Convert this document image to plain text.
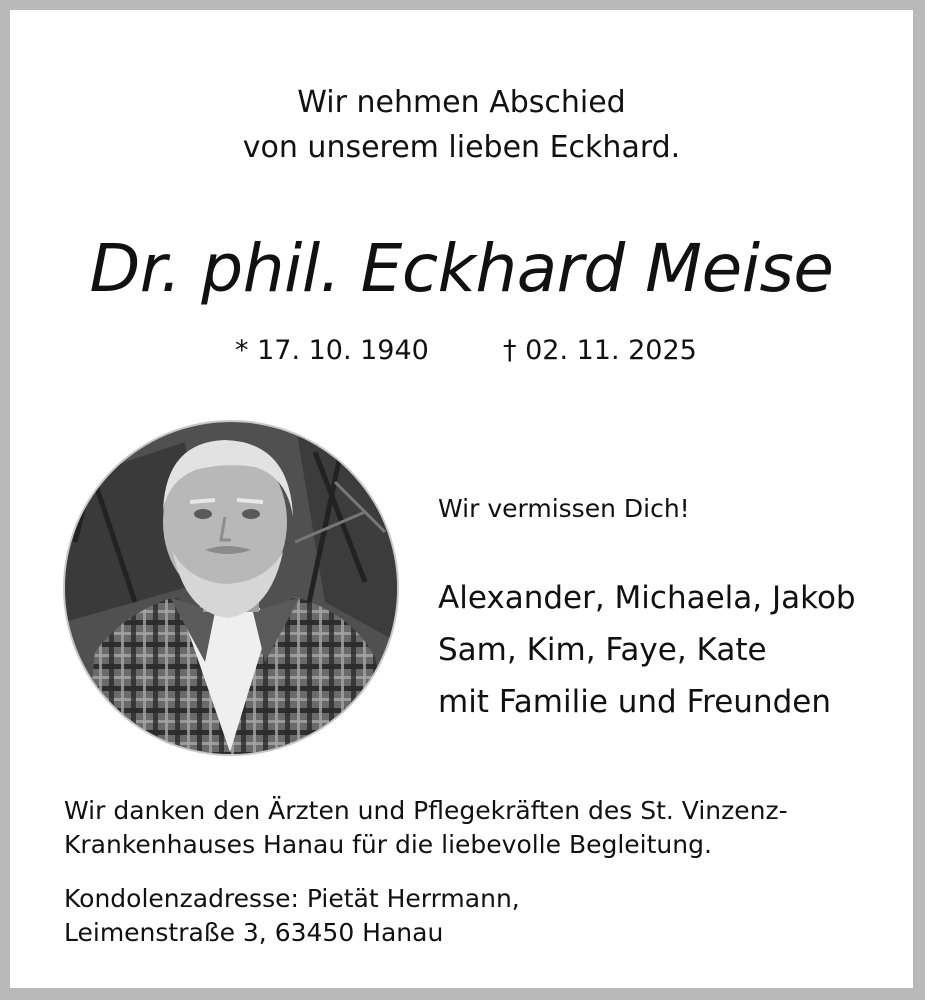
Wir nehmen Abschied
von unserem lieben Eckhard.
Dr. phil. Eckhard Meise
* 17. 10. 1940	† 02. 11. 2025
Wir vermissen Dich!
Alexander, Michaela, Jakob
Sam, Kim, Faye, Kate
mit Familie und Freunden
Wir danken den Ärzten und Pflegekräften des St. Vinzenz-
Krankenhauses Hanau für die liebevolle Begleitung.
Kondolenzadresse: Pietät Herrmann,
Leimenstraße 3, 63450 Hanau
